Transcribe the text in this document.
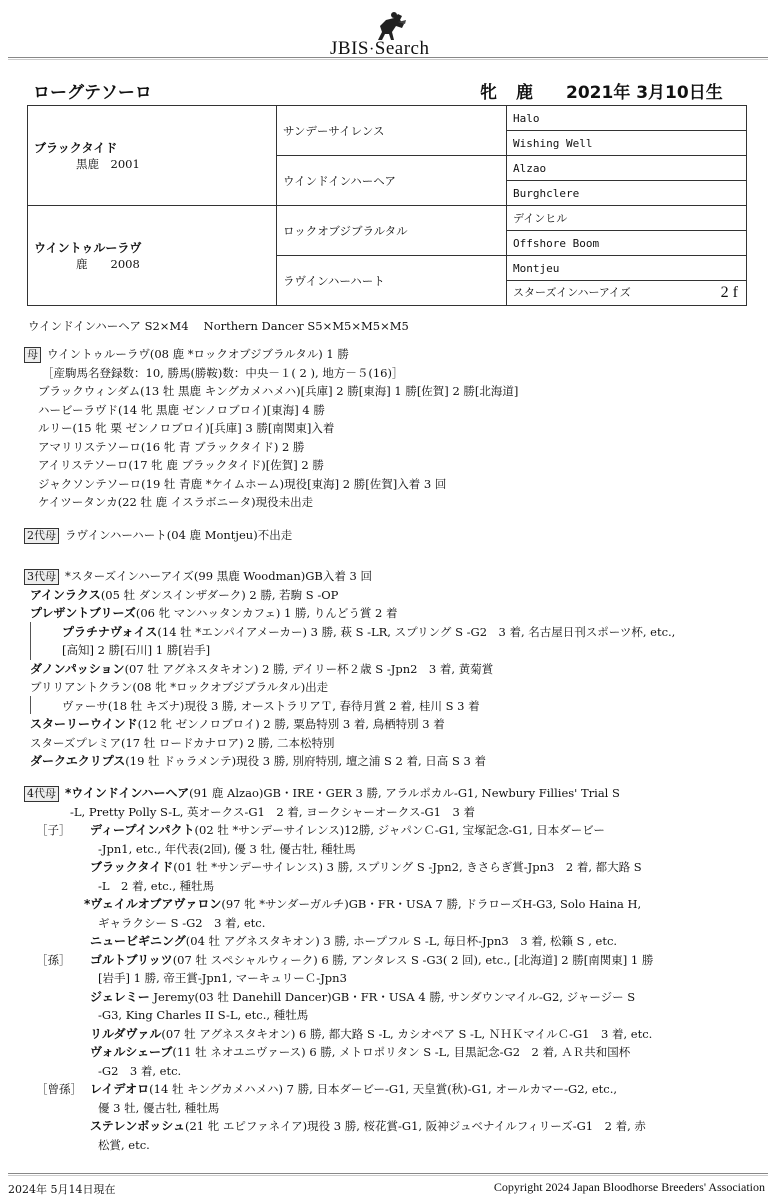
JBIS·Search
ローグテソーロ	牝 鹿 2021年 3月10日生
ブラックタイド
黒鹿　2001	サンデーサイレンス	Halo
		Wishing Well
	ウインドインハーヘア	Alzao
		Burghclere

ウイントゥルーラヴ
鹿　　2008	ロックオブジブラルタル	デインヒル
		Offshore Boom
	ラヴインハーハート	Montjeu
		スターズインハーアイズ 2 f
ウインドインハーヘア S2×M4　 Northern Dancer S5×M5×M5×M5
母 ウイントゥルーラヴ(08 鹿 *ロックオブジブラルタル) 1 勝
［産駒馬名登録数：10, 勝馬(勝鞍)数：中央－１( 2 ), 地方－５(16)］
ブラックウィンダム(13 牡 黒鹿 キングカメハメハ)[兵庫] 2 勝[東海] 1 勝[佐賀] 2 勝[北海道]
ハービーラヴド(14 牝 黒鹿 ゼンノロブロイ)[東海] 4 勝
ルリー(15 牝 栗 ゼンノロブロイ)[兵庫] 3 勝[南関東]入着
アマリリステソーロ(16 牝 青 ブラックタイド) 2 勝
アイリステソーロ(17 牝 鹿 ブラックタイド)[佐賀] 2 勝
ジャクソンテソーロ(19 牡 青鹿 *ケイムホーム)現役[東海] 2 勝[佐賀]入着 3 回
ケイツータンカ(22 牡 鹿 イスラボニータ)現役未出走
2代母 ラヴインハーハート(04 鹿 Montjeu)不出走
3代母 *スターズインハーアイズ(99 黒鹿 Woodman)GB入着 3 回
アインラクス(05 牡 ダンスインザダーク) 2 勝, 若駒 S -OP
プレザントブリーズ(06 牝 マンハッタンカフェ) 1 勝, りんどう賞 2 着
プラチナヴォイス(14 牡 *エンパイアメーカー) 3 勝, 萩 S -LR, スプリング S -G2　3 着, 名古屋日刊スポーツ杯, etc.,
[高知] 2 勝[石川] 1 勝[岩手]
ダノンパッション(07 牡 アグネスタキオン) 2 勝, デイリー杯２歳 S -Jpn2　3 着, 黄菊賞
ブリリアントクラン(08 牝 *ロックオブジブラルタル)出走
ヴァーサ(18 牡 キズナ)現役 3 勝, オーストラリアＴ, 春待月賞 2 着, 桂川 S 3 着
スターリーウインド(12 牝 ゼンノロブロイ) 2 勝, 粟島特別 3 着, 鳥栖特別 3 着
スターズプレミア(17 牡 ロードカナロア) 2 勝, 二本松特別
ダークエクリプス(19 牡 ドゥラメンテ)現役 3 勝, 別府特別, 壇之浦 S 2 着, 日高 S 3 着
4代母 *ウインドインハーヘア(91 鹿 Alzao)GB・IRE・GER 3 勝, アラルポカル-G1, Newbury Fillies' Trial S
-L, Pretty Polly S-L, 英オークス-G1　2 着, ヨークシャーオークス-G1　3 着
［子］ ディープインパクト(02 牡 *サンデーサイレンス)12勝, ジャパンＣ-G1, 宝塚記念-G1, 日本ダービー
-Jpn1, etc., 年代表(2回), 優 3 牡, 優古牡, 種牡馬
ブラックタイド(01 牡 *サンデーサイレンス) 3 勝, スプリング S -Jpn2, きさらぎ賞-Jpn3　2 着, 都大路 S
-L　2 着, etc., 種牡馬
*ヴェイルオブアヴァロン(97 牝 *サンダーガルチ)GB・FR・USA 7 勝, ドラローズH-G3, Solo Haina H,
ギャラクシー S -G2　3 着, etc.
ニュービギニング(04 牡 アグネスタキオン) 3 勝, ホープフル S -L, 毎日杯-Jpn3　3 着, 松籟 S , etc.
［孫］ ゴルトブリッツ(07 牡 スペシャルウィーク) 6 勝, アンタレス S -G3( 2 回), etc., [北海道] 2 勝[南関東] 1 勝
[岩手] 1 勝, 帝王賞-Jpn1, マーキュリーＣ-Jpn3
ジェレミー Jeremy(03 牡 Danehill Dancer)GB・FR・USA 4 勝, サンダウンマイル-G2, ジャージー S
-G3, King Charles II S-L, etc., 種牡馬
リルダヴァル(07 牡 アグネスタキオン) 6 勝, 都大路 S -L, カシオペア S -L, ＮＨＫマイルＣ-G1　3 着, etc.
ヴォルシェーブ(11 牡 ネオユニヴァース) 6 勝, メトロポリタン S -L, 目黒記念-G2　2 着, ＡＲ共和国杯
-G2　3 着, etc.
［曾孫］ レイデオロ(14 牡 キングカメハメハ) 7 勝, 日本ダービー-G1, 天皇賞(秋)-G1, オールカマー-G2, etc.,
優 3 牡, 優古牡, 種牡馬
ステレンボッシュ(21 牝 エピファネイア)現役 3 勝, 桜花賞-G1, 阪神ジュベナイルフィリーズ-G1　2 着, 赤
松賞, etc.
2024年 5月14日現在	Copyright 2024 Japan Bloodhorse Breeders' Association
